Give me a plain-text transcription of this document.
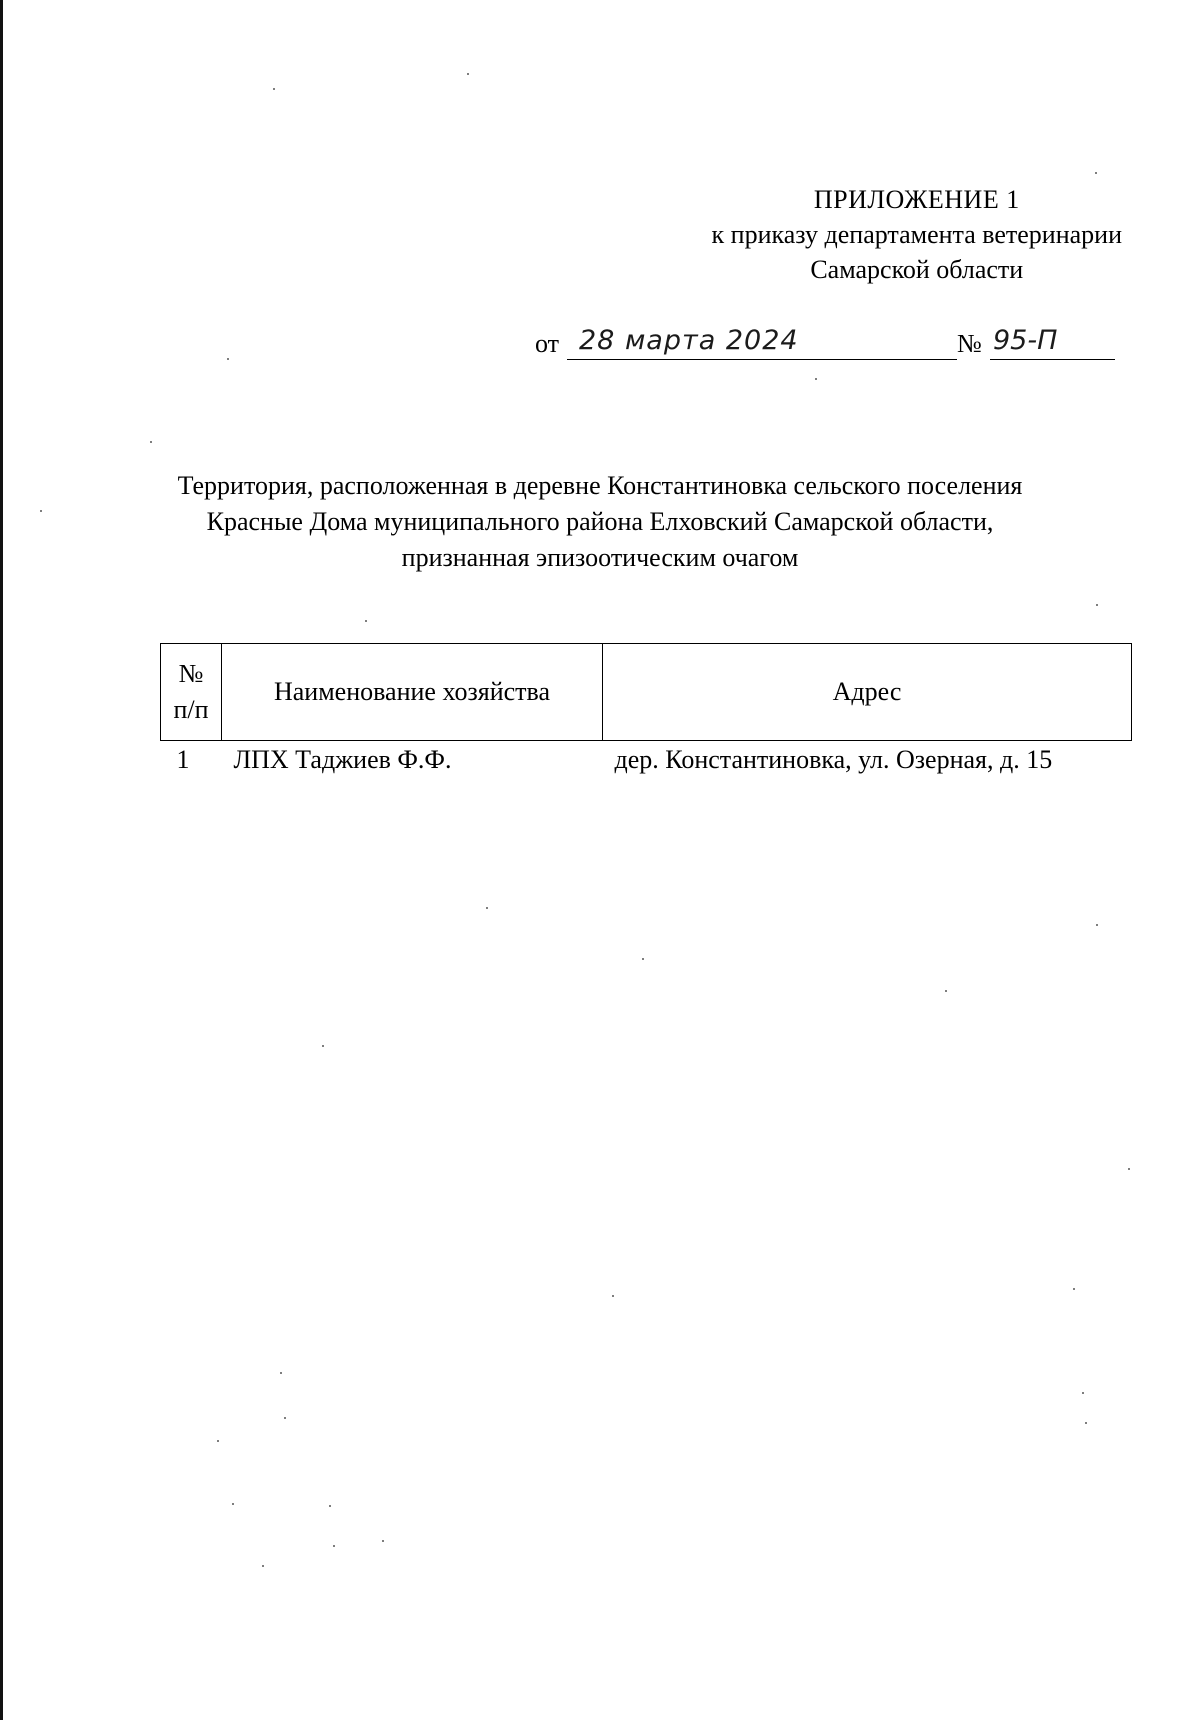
ПРИЛОЖЕНИЕ 1
к приказу департамента ветеринарии
Самарской области
от 28 марта 2024	№ 95-П
Территория, расположенная в деревне Константиновка сельского поселения
Красные Дома муниципального района Елховский Самарской области,
признанная эпизоотическим очагом
№
п/п	Наименование хозяйства	Адрес
1	ЛПХ Таджиев Ф.Ф.	дер. Константиновка, ул. Озерная, д. 15
